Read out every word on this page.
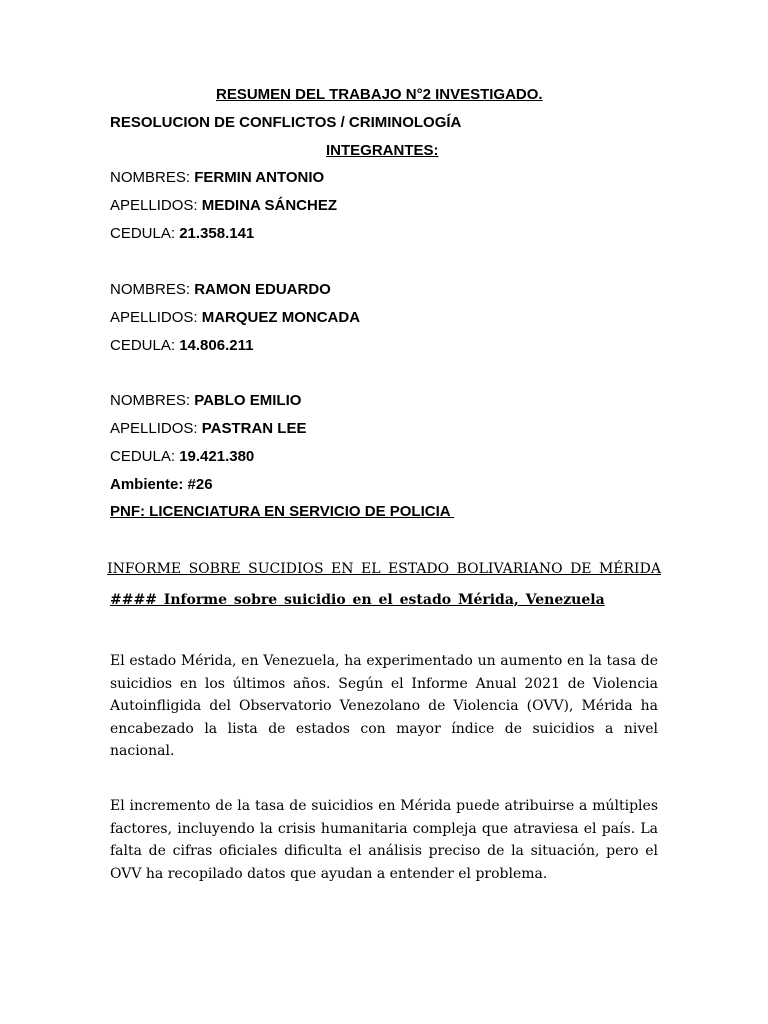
RESUMEN DEL TRABAJO N°2 INVESTIGADO.
RESOLUCION DE CONFLICTOS / CRIMINOLOGÍA
INTEGRANTES:
NOMBRES: FERMIN ANTONIO
APELLIDOS: MEDINA SÁNCHEZ
CEDULA: 21.358.141
NOMBRES: RAMON EDUARDO
APELLIDOS: MARQUEZ MONCADA
CEDULA: 14.806.211
NOMBRES: PABLO EMILIO
APELLIDOS: PASTRAN LEE
CEDULA: 19.421.380
Ambiente: #26
PNF: LICENCIATURA EN SERVICIO DE POLICIA
INFORME SOBRE SUCIDIOS EN EL ESTADO BOLIVARIANO DE MÉRIDA
#### Informe sobre suicidio en el estado Mérida, Venezuela

El estado Mérida, en Venezuela, ha experimentado un aumento en la tasa de suicidios en los últimos años. Según el Informe Anual 2021 de Violencia Autoinfligida del Observatorio Venezolano de Violencia (OVV), Mérida ha encabezado la lista de estados con mayor índice de suicidios a nivel nacional.

El incremento de la tasa de suicidios en Mérida puede atribuirse a múltiples factores, incluyendo la crisis humanitaria compleja que atraviesa el país. La falta de cifras oficiales dificulta el análisis preciso de la situación, pero el OVV ha recopilado datos que ayudan a entender el problema.
